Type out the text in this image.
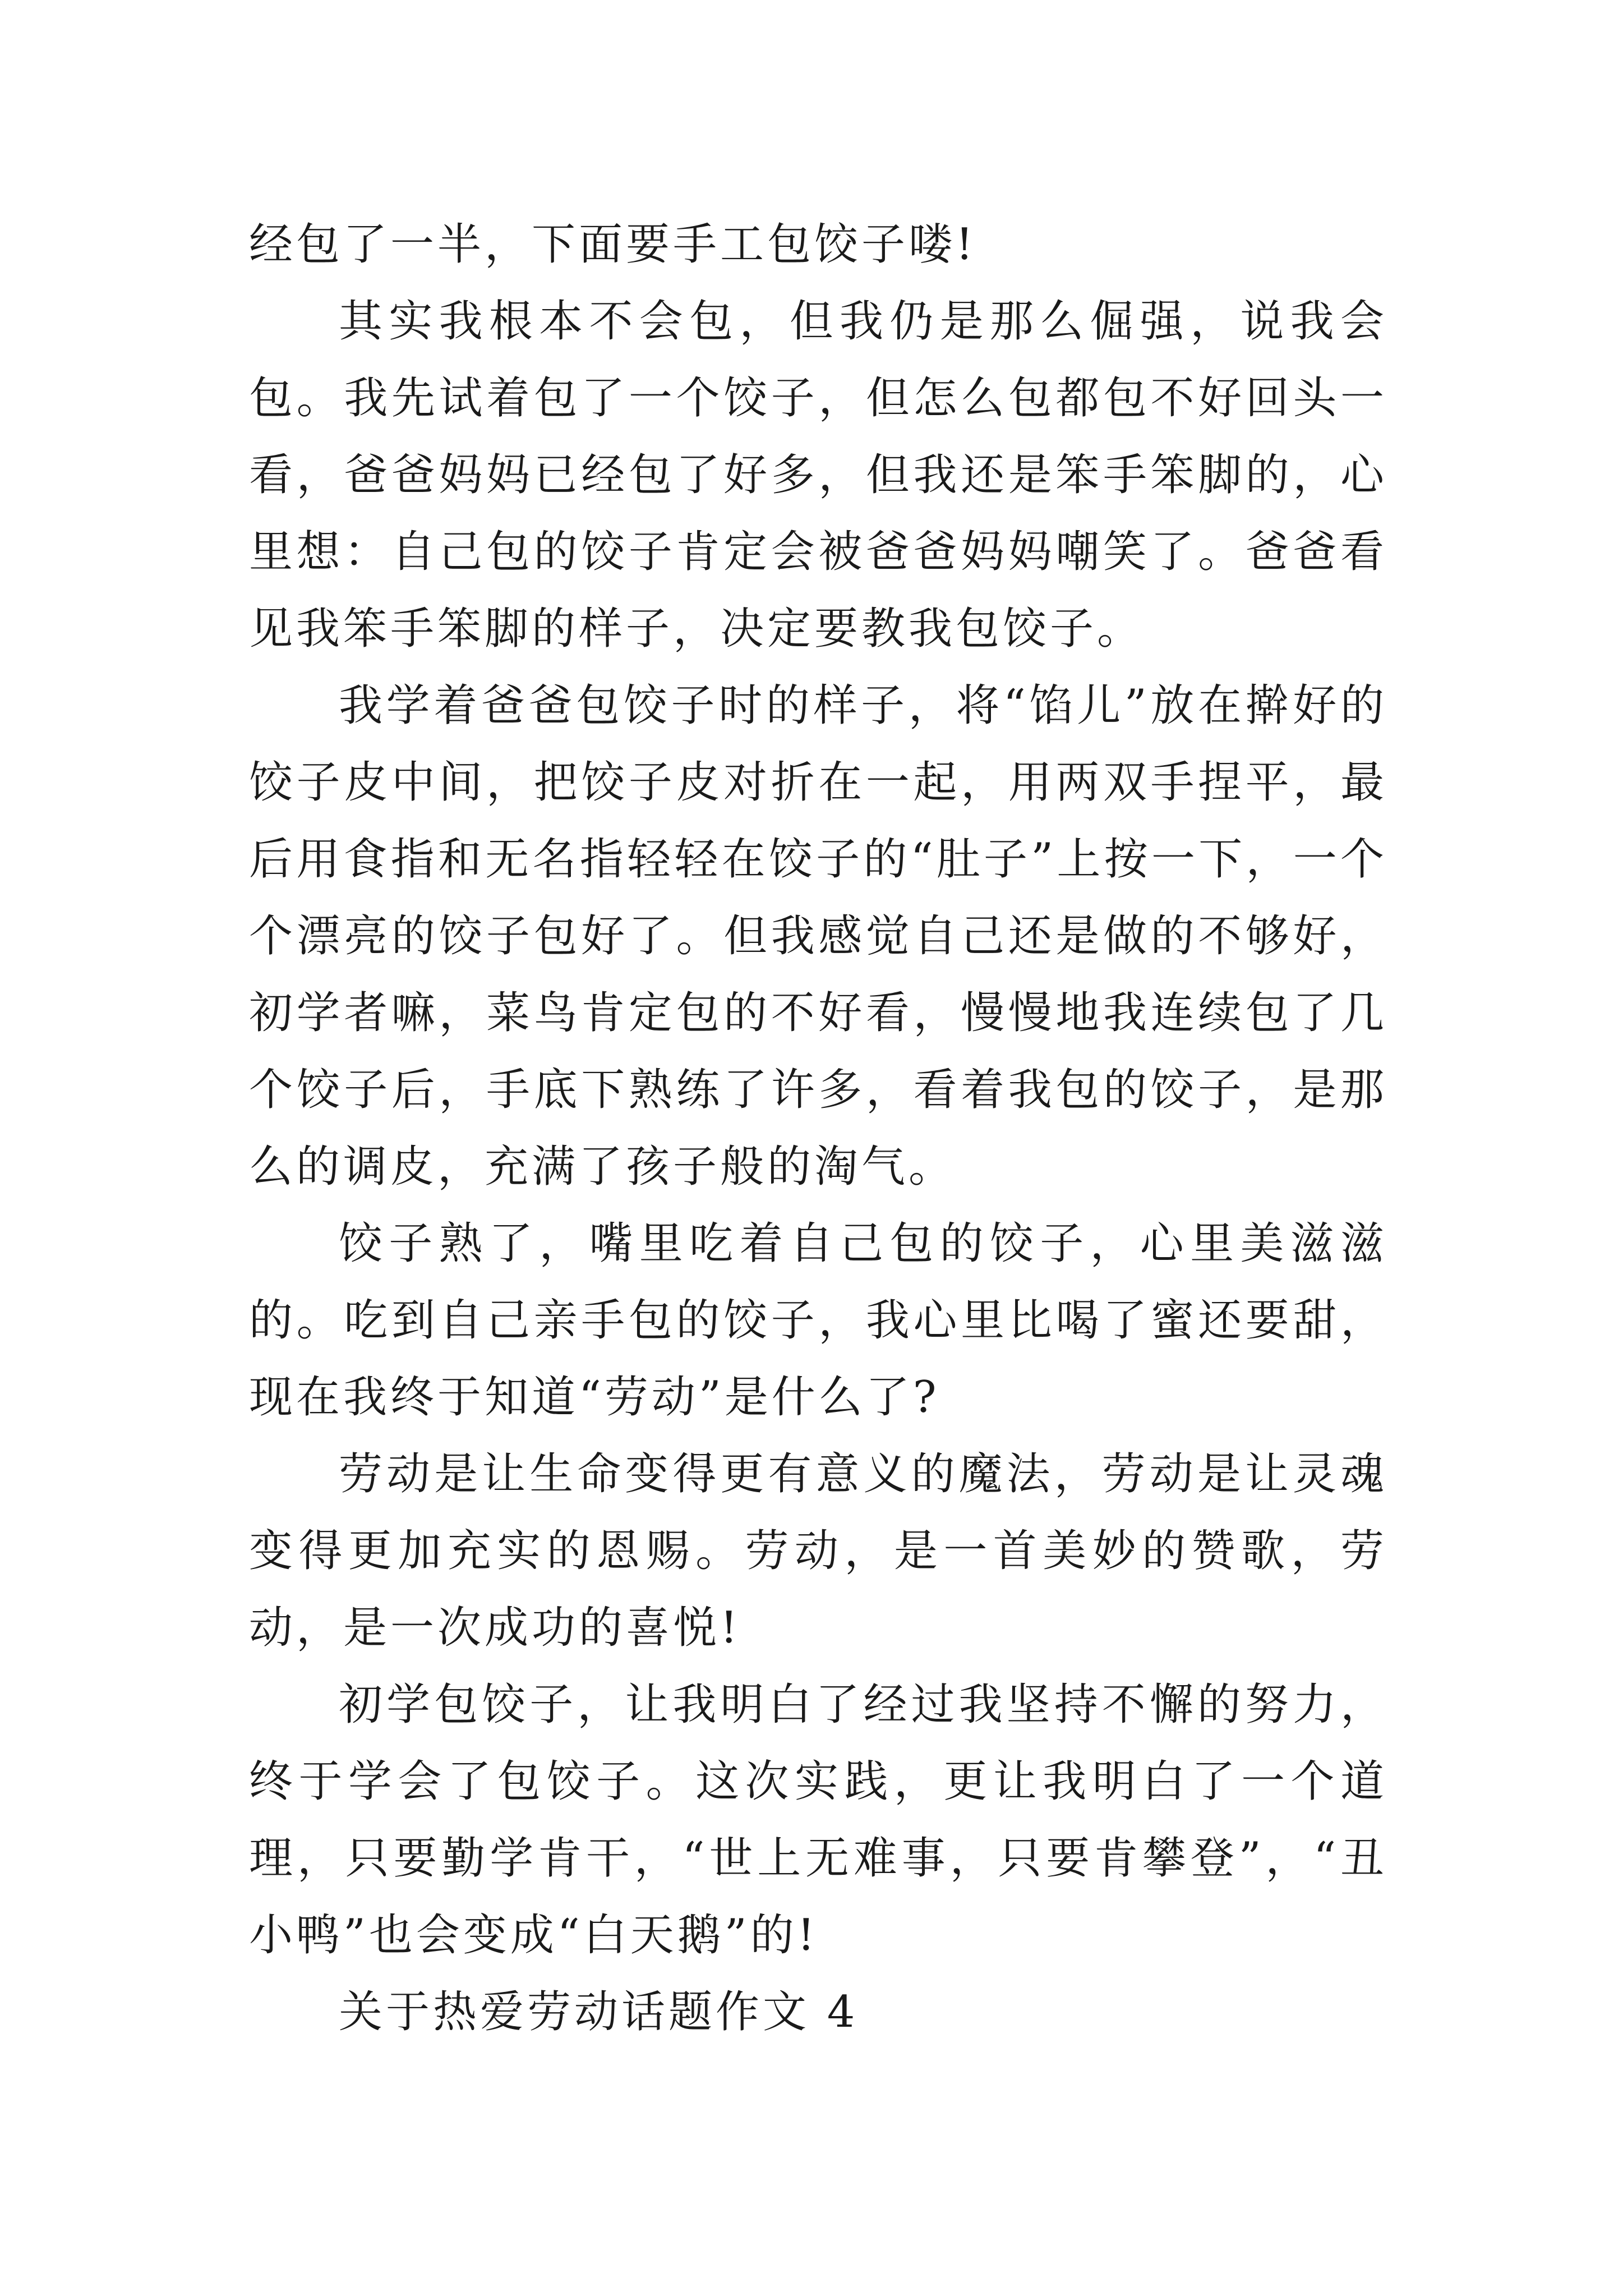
经包了一半，下面要手工包饺子喽!

其实我根本不会包，但我仍是那么倔强，说我会包。我先试着包了一个饺子，但怎么包都包不好回头一看，爸爸妈妈已经包了好多，但我还是笨手笨脚的，心里想：自己包的饺子肯定会被爸爸妈妈嘲笑了。爸爸看见我笨手笨脚的样子，决定要教我包饺子。

我学着爸爸包饺子时的样子，将“馅儿”放在擀好的饺子皮中间，把饺子皮对折在一起，用两双手捏平，最后用食指和无名指轻轻在饺子的“肚子”上按一下，一个个漂亮的饺子包好了。但我感觉自己还是做的不够好，初学者嘛，菜鸟肯定包的不好看，慢慢地我连续包了几个饺子后，手底下熟练了许多，看着我包的饺子，是那么的调皮，充满了孩子般的淘气。

饺子熟了，嘴里吃着自己包的饺子，心里美滋滋的。吃到自己亲手包的饺子，我心里比喝了蜜还要甜，现在我终于知道“劳动”是什么了?

劳动是让生命变得更有意义的魔法，劳动是让灵魂变得更加充实的恩赐。劳动，是一首美妙的赞歌，劳动，是一次成功的喜悦!

初学包饺子，让我明白了经过我坚持不懈的努力，终于学会了包饺子。这次实践，更让我明白了一个道理，只要勤学肯干，“世上无难事，只要肯攀登”，“丑小鸭”也会变成“白天鹅”的!

关于热爱劳动话题作文 4
